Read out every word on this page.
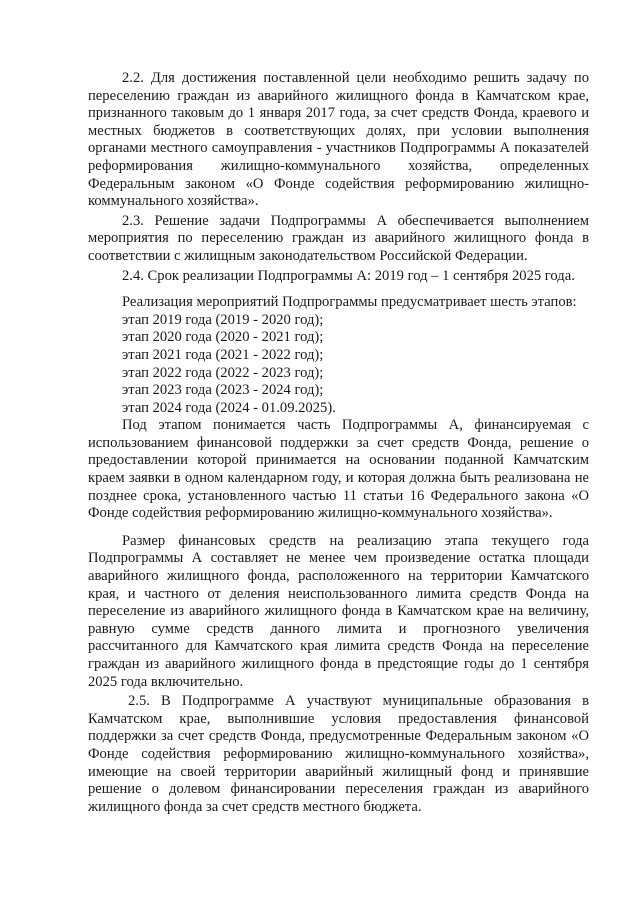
2.2. Для достижения поставленной цели необходимо решить задачу по переселению граждан из аварийного жилищного фонда в Камчатском крае, признанного таковым до 1 января 2017 года, за счет средств Фонда, краевого и местных бюджетов в соответствующих долях, при условии выполнения органами местного самоуправления - участников Подпрограммы А показателей реформирования жилищно-коммунального хозяйства, определенных Федеральным законом «О Фонде содействия реформированию жилищно-коммунального хозяйства».

2.3. Решение задачи Подпрограммы А обеспечивается выполнением мероприятия по переселению граждан из аварийного жилищного фонда в соответствии с жилищным законодательством Российской Федерации.

2.4. Срок реализации Подпрограммы А: 2019 год – 1 сентября 2025 года.

Реализация мероприятий Подпрограммы предусматривает шесть этапов:

этап 2019 года (2019 - 2020 год);
этап 2020 года (2020 - 2021 год);
этап 2021 года (2021 - 2022 год);
этап 2022 года (2022 - 2023 год);
этап 2023 года (2023 - 2024 год);
этап 2024 года (2024 - 01.09.2025).

Под этапом понимается часть Подпрограммы А, финансируемая с использованием финансовой поддержки за счет средств Фонда, решение о предоставлении которой принимается на основании поданной Камчатским краем заявки в одном календарном году, и которая должна быть реализована не позднее срока, установленного частью 11 статьи 16 Федерального закона «О Фонде содействия реформированию жилищно-коммунального хозяйства».

Размер финансовых средств на реализацию этапа текущего года Подпрограммы А составляет не менее чем произведение остатка площади аварийного жилищного фонда, расположенного на территории Камчатского края, и частного от деления неиспользованного лимита средств Фонда на переселение из аварийного жилищного фонда в Камчатском крае на величину, равную сумме средств данного лимита и прогнозного увеличения рассчитанного для Камчатского края лимита средств Фонда на переселение граждан из аварийного жилищного фонда в предстоящие годы до 1 сентября 2025 года включительно.

2.5. В Подпрограмме А участвуют муниципальные образования в Камчатском крае, выполнившие условия предоставления финансовой поддержки за счет средств Фонда, предусмотренные Федеральным законом «О Фонде содействия реформированию жилищно-коммунального хозяйства», имеющие на своей территории аварийный жилищный фонд и принявшие решение о долевом финансировании переселения граждан из аварийного жилищного фонда за счет средств местного бюджета.
